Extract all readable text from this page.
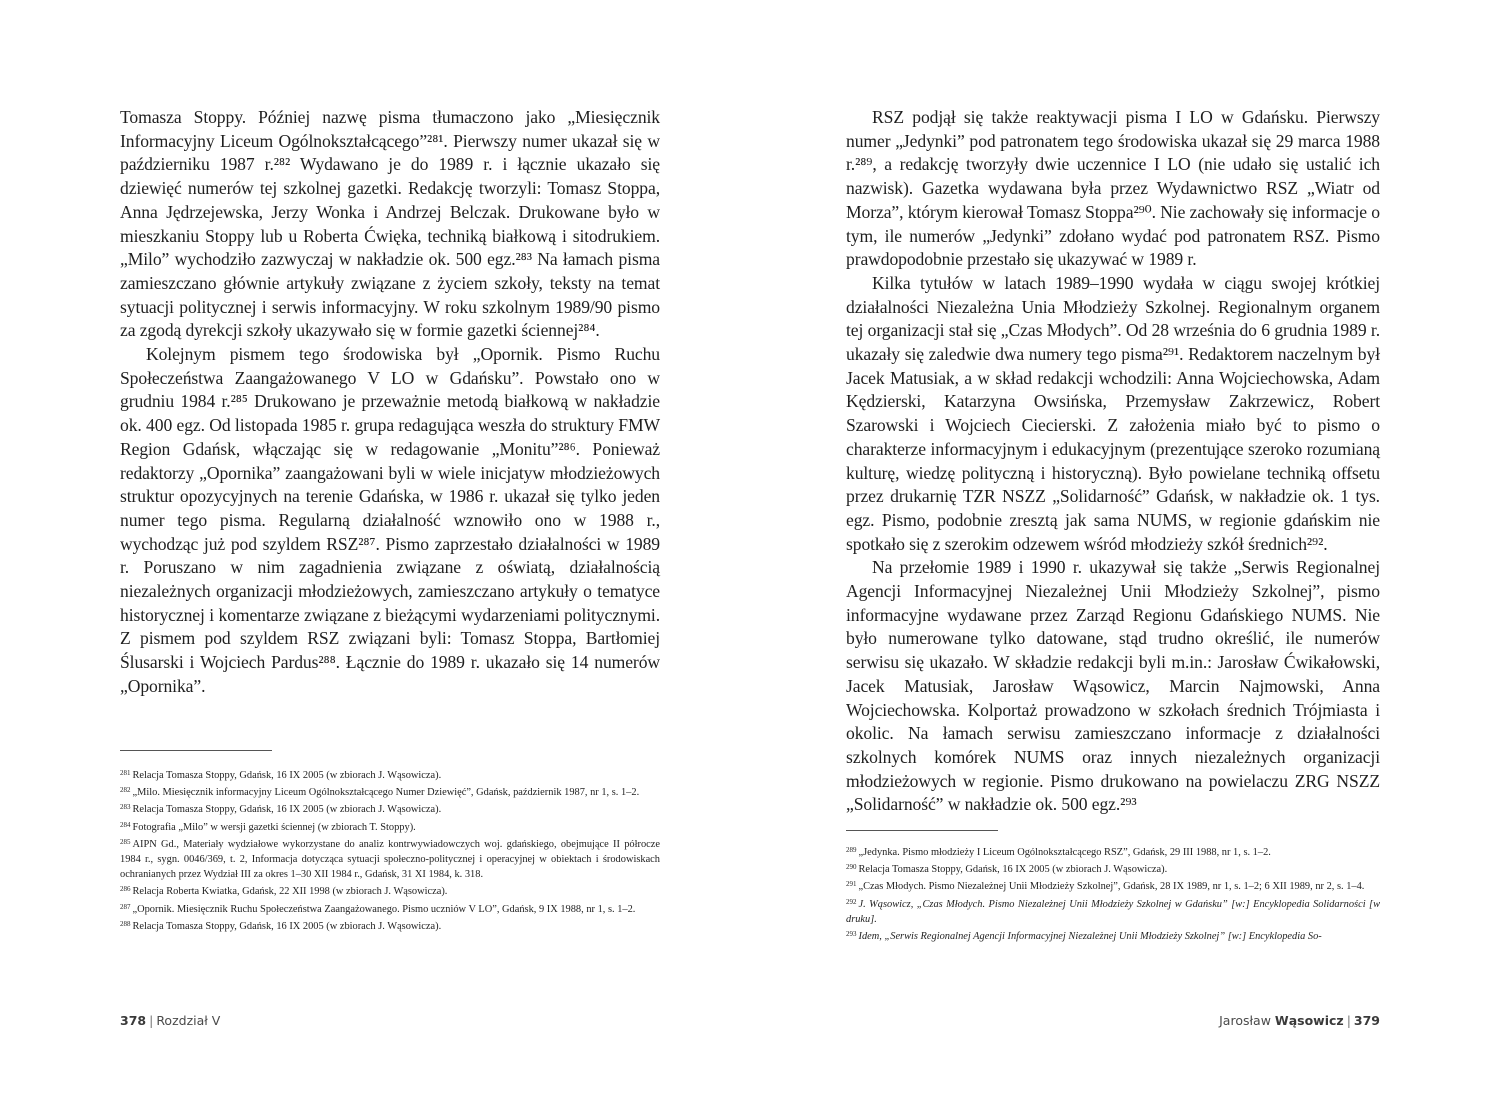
Tomasza Stoppy. Później nazwę pisma tłumaczono jako „Miesięcznik Informacyjny Liceum Ogólnokształcącego”²⁸¹. Pierwszy numer ukazał się w październiku 1987 r.²⁸² Wydawano je do 1989 r. i łącznie ukazało się dziewięć numerów tej szkolnej gazetki. Redakcję tworzyli: Tomasz Stoppa, Anna Jędrzejewska, Jerzy Wonka i Andrzej Belczak. Drukowane było w mieszkaniu Stoppy lub u Roberta Ćwięka, techniką białkową i sitodrukiem. „Milo” wychodziło zazwyczaj w nakładzie ok. 500 egz.²⁸³ Na łamach pisma zamieszczano głównie artykuły związane z życiem szkoły, teksty na temat sytuacji politycznej i serwis informacyjny. W roku szkolnym 1989/90 pismo za zgodą dyrekcji szkoły ukazywało się w formie gazetki ściennej²⁸⁴.

Kolejnym pismem tego środowiska był „Opornik. Pismo Ruchu Społeczeństwa Zaangażowanego V LO w Gdańsku”. Powstało ono w grudniu 1984 r.²⁸⁵ Drukowano je przeważnie metodą białkową w nakładzie ok. 400 egz. Od listopada 1985 r. grupa redagująca weszła do struktury FMW Region Gdańsk, włączając się w redagowanie „Monitu”²⁸⁶. Ponieważ redaktorzy „Opornika” zaangażowani byli w wiele inicjatyw młodzieżowych struktur opozycyjnych na terenie Gdańska, w 1986 r. ukazał się tylko jeden numer tego pisma. Regularną działalność wznowiło ono w 1988 r., wychodząc już pod szyldem RSZ²⁸⁷. Pismo zaprzestało działalności w 1989 r. Poruszano w nim zagadnienia związane z oświatą, działalnością niezależnych organizacji młodzieżowych, zamieszczano artykuły o tematyce historycznej i komentarze związane z bieżącymi wydarzeniami politycznymi. Z pismem pod szyldem RSZ związani byli: Tomasz Stoppa, Bartłomiej Ślusarski i Wojciech Pardus²⁸⁸. Łącznie do 1989 r. ukazało się 14 numerów „Opornika”.

$^{281}$ Relacja Tomasza Stoppy, Gdańsk, 16 IX 2005 (w zbiorach J. Wąsowicza).

$^{282}$ „Milo. Miesięcznik informacyjny Liceum Ogólnokształcącego Numer Dziewięć”, Gdańsk, październik 1987, nr 1, s. 1–2.

$^{283}$ Relacja Tomasza Stoppy, Gdańsk, 16 IX 2005 (w zbiorach J. Wąsowicza).

$^{284}$ Fotografia „Milo” w wersji gazetki ściennej (w zbiorach T. Stoppy).

$^{285}$ AIPN Gd., Materiały wydziałowe wykorzystane do analiz kontrwywiadowczych woj. gdańskiego, obejmujące II półrocze 1984 r., sygn. 0046/369, t. 2, Informacja dotycząca sytuacji społeczno-politycznej i operacyjnej w obiektach i środowiskach ochranianych przez Wydział III za okres 1–30 XII 1984 r., Gdańsk, 31 XI 1984, k. 318.

$^{286}$ Relacja Roberta Kwiatka, Gdańsk, 22 XII 1998 (w zbiorach J. Wąsowicza).

$^{287}$ „Opornik. Miesięcznik Ruchu Społeczeństwa Zaangażowanego. Pismo uczniów V LO”, Gdańsk, 9 IX 1988, nr 1, s. 1–2.

$^{288}$ Relacja Tomasza Stoppy, Gdańsk, 16 IX 2005 (w zbiorach J. Wąsowicza).

378 | Rozdział V

RSZ podjął się także reaktywacji pisma I LO w Gdańsku. Pierwszy numer „Jedynki” pod patronatem tego środowiska ukazał się 29 marca 1988 r.²⁸⁹, a redakcję tworzyły dwie uczennice I LO (nie udało się ustalić ich nazwisk). Gazetka wydawana była przez Wydawnictwo RSZ „Wiatr od Morza”, którym kierował Tomasz Stoppa²⁹⁰. Nie zachowały się informacje o tym, ile numerów „Jedynki” zdołano wydać pod patronatem RSZ. Pismo prawdopodobnie przestało się ukazywać w 1989 r.

Kilka tytułów w latach 1989–1990 wydała w ciągu swojej krótkiej działalności Niezależna Unia Młodzieży Szkolnej. Regionalnym organem tej organizacji stał się „Czas Młodych”. Od 28 września do 6 grudnia 1989 r. ukazały się zaledwie dwa numery tego pisma²⁹¹. Redaktorem naczelnym był Jacek Matusiak, a w skład redakcji wchodzili: Anna Wojciechowska, Adam Kędzierski, Katarzyna Owsińska, Przemysław Zakrzewicz, Robert Szarowski i Wojciech Ciecierski. Z założenia miało być to pismo o charakterze informacyjnym i edukacyjnym (prezentujące szeroko rozumianą kulturę, wiedzę polityczną i historyczną). Było powielane techniką offsetu przez drukarnię TZR NSZZ „Solidarność” Gdańsk, w nakładzie ok. 1 tys. egz. Pismo, podobnie zresztą jak sama NUMS, w regionie gdańskim nie spotkało się z szerokim odzewem wśród młodzieży szkół średnich²⁹².

Na przełomie 1989 i 1990 r. ukazywał się także „Serwis Regionalnej Agencji Informacyjnej Niezależnej Unii Młodzieży Szkolnej”, pismo informacyjne wydawane przez Zarząd Regionu Gdańskiego NUMS. Nie było numerowane tylko datowane, stąd trudno określić, ile numerów serwisu się ukazało. W składzie redakcji byli m.in.: Jarosław Ćwikałowski, Jacek Matusiak, Jarosław Wąsowicz, Marcin Najmowski, Anna Wojciechowska. Kolportaż prowadzono w szkołach średnich Trójmiasta i okolic. Na łamach serwisu zamieszczano informacje z działalności szkolnych komórek NUMS oraz innych niezależnych organizacji młodzieżowych w regionie. Pismo drukowano na powielaczu ZRG NSZZ „Solidarność” w nakładzie ok. 500 egz.²⁹³

$^{289}$ „Jedynka. Pismo młodzieży I Liceum Ogólnokształcącego RSZ”, Gdańsk, 29 III 1988, nr 1, s. 1–2.

$^{290}$ Relacja Tomasza Stoppy, Gdańsk, 16 IX 2005 (w zbiorach J. Wąsowicza).

$^{291}$ „Czas Młodych. Pismo Niezależnej Unii Młodzieży Szkolnej”, Gdańsk, 28 IX 1989, nr 1, s. 1–2; 6 XII 1989, nr 2, s. 1–4.

$^{292}$ J. Wąsowicz, „Czas Młodych. Pismo Niezależnej Unii Młodzieży Szkolnej w Gdańsku” [w:] Encyklopedia Solidarności [w druku].

$^{293}$ Idem, „Serwis Regionalnej Agencji Informacyjnej Niezależnej Unii Młodzieży Szkolnej” [w:] Encyklopedia So-

Jarosław Wąsowicz | 379
